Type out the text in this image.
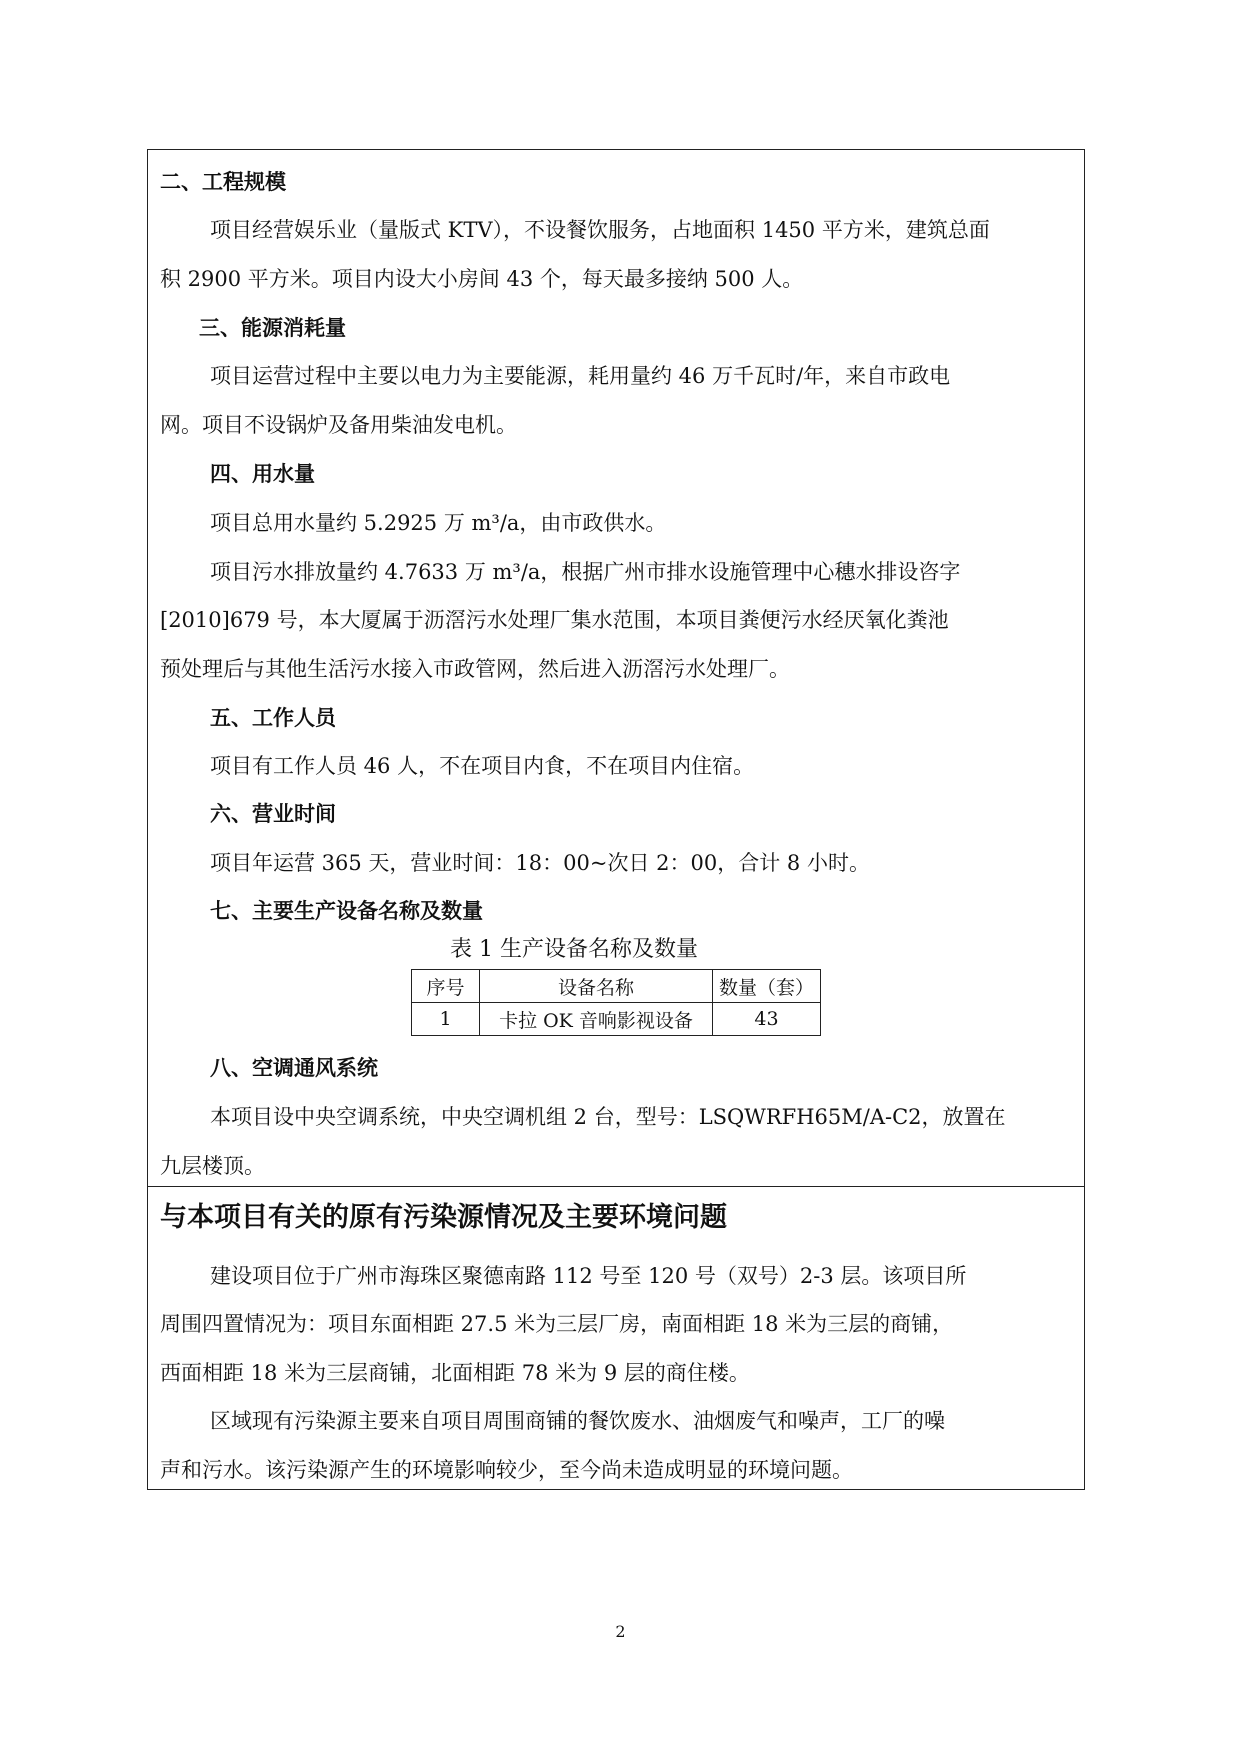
二、工程规模
项目经营娱乐业（量版式 KTV），不设餐饮服务，占地面积 1450 平方米，建筑总面
积 2900 平方米。项目内设大小房间 43 个，每天最多接纳 500 人。
三、能源消耗量
项目运营过程中主要以电力为主要能源，耗用量约 46 万千瓦时/年，来自市政电
网。项目不设锅炉及备用柴油发电机。
四、用水量
项目总用水量约 5.2925 万 m³/a，由市政供水。
项目污水排放量约 4.7633 万 m³/a，根据广州市排水设施管理中心穗水排设咨字
[2010]679 号，本大厦属于沥滘污水处理厂集水范围，本项目粪便污水经厌氧化粪池
预处理后与其他生活污水接入市政管网，然后进入沥滘污水处理厂。
五、工作人员
项目有工作人员 46 人，不在项目内食，不在项目内住宿。
六、营业时间
项目年运营 365 天，营业时间：18：00~次日 2：00，合计 8 小时。
七、主要生产设备名称及数量
表 1 生产设备名称及数量
序号	设备名称	数量（套）
1	卡拉 OK 音响影视设备	43
八、空调通风系统
本项目设中央空调系统，中央空调机组 2 台，型号：LSQWRFH65M/A-C2，放置在
九层楼顶。
与本项目有关的原有污染源情况及主要环境问题
建设项目位于广州市海珠区聚德南路 112 号至 120 号（双号）2-3 层。该项目所
周围四置情况为：项目东面相距 27.5 米为三层厂房，南面相距 18 米为三层的商铺，
西面相距 18 米为三层商铺，北面相距 78 米为 9 层的商住楼。
区域现有污染源主要来自项目周围商铺的餐饮废水、油烟废气和噪声，工厂的噪
声和污水。该污染源产生的环境影响较少，至今尚未造成明显的环境问题。
2
